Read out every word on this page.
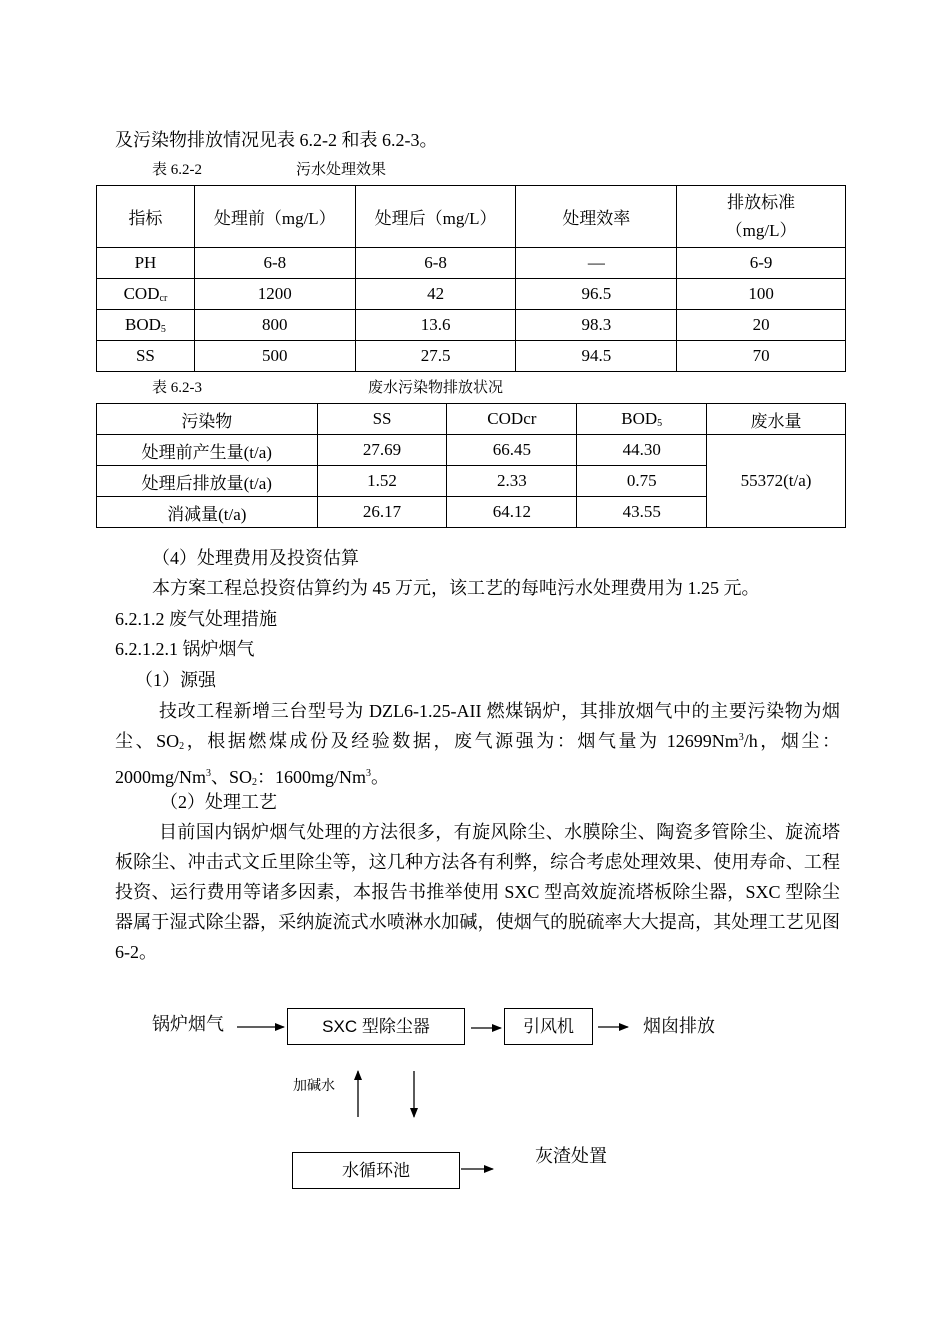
及污染物排放情况见表 6.2-2 和表 6.2-3。
表 6.2-2	污水处理效果
指标	处理前（mg/L）	处理后（mg/L）	处理效率	排放标准
（mg/L）

PH	6-8	6-8	—	6-9
$COD_{cr}$	1200	42	96.5	100
$BOD_5$	800	13.6	98.3	20
SS	500	27.5	94.5	70
表 6.2-3	废水污染物排放状况
污染物	SS	CODcr	$BOD_5$	废水量
处理前产生量(t/a)	27.69	66.45	44.30	55372(t/a)
处理后排放量(t/a)	1.52	2.33	0.75	
消减量(t/a)	26.17	64.12	43.55	
（4）处理费用及投资估算
本方案工程总投资估算约为 45 万元，该工艺的每吨污水处理费用为 1.25 元。
6.2.1.2 废气处理措施
6.2.1.2.1 锅炉烟气
（1）源强
技改工程新增三台型号为 DZL6-1.25-AII 燃煤锅炉，其排放烟气中的主要污染物为烟尘、$SO_2$，根据燃煤成份及经验数据，废气源强为：烟气量为 12699Nm$^3$/h，烟尘：2000mg/Nm$^3$、$SO_2$：1600mg/Nm$^3$。
（2）处理工艺
目前国内锅炉烟气处理的方法很多，有旋风除尘、水膜除尘、陶瓷多管除尘、旋流塔板除尘、冲击式文丘里除尘等，这几种方法各有利弊，综合考虑处理效果、使用寿命、工程投资、运行费用等诸多因素，本报告书推举使用 SXC 型高效旋流塔板除尘器，SXC 型除尘器属于湿式除尘器，采纳旋流式水喷淋水加碱，使烟气的脱硫率大大提高，其处理工艺见图 6-2。
锅炉烟气	SXC 型除尘器	引风机	烟囱排放
加碱水
水循环池
灰渣处置
